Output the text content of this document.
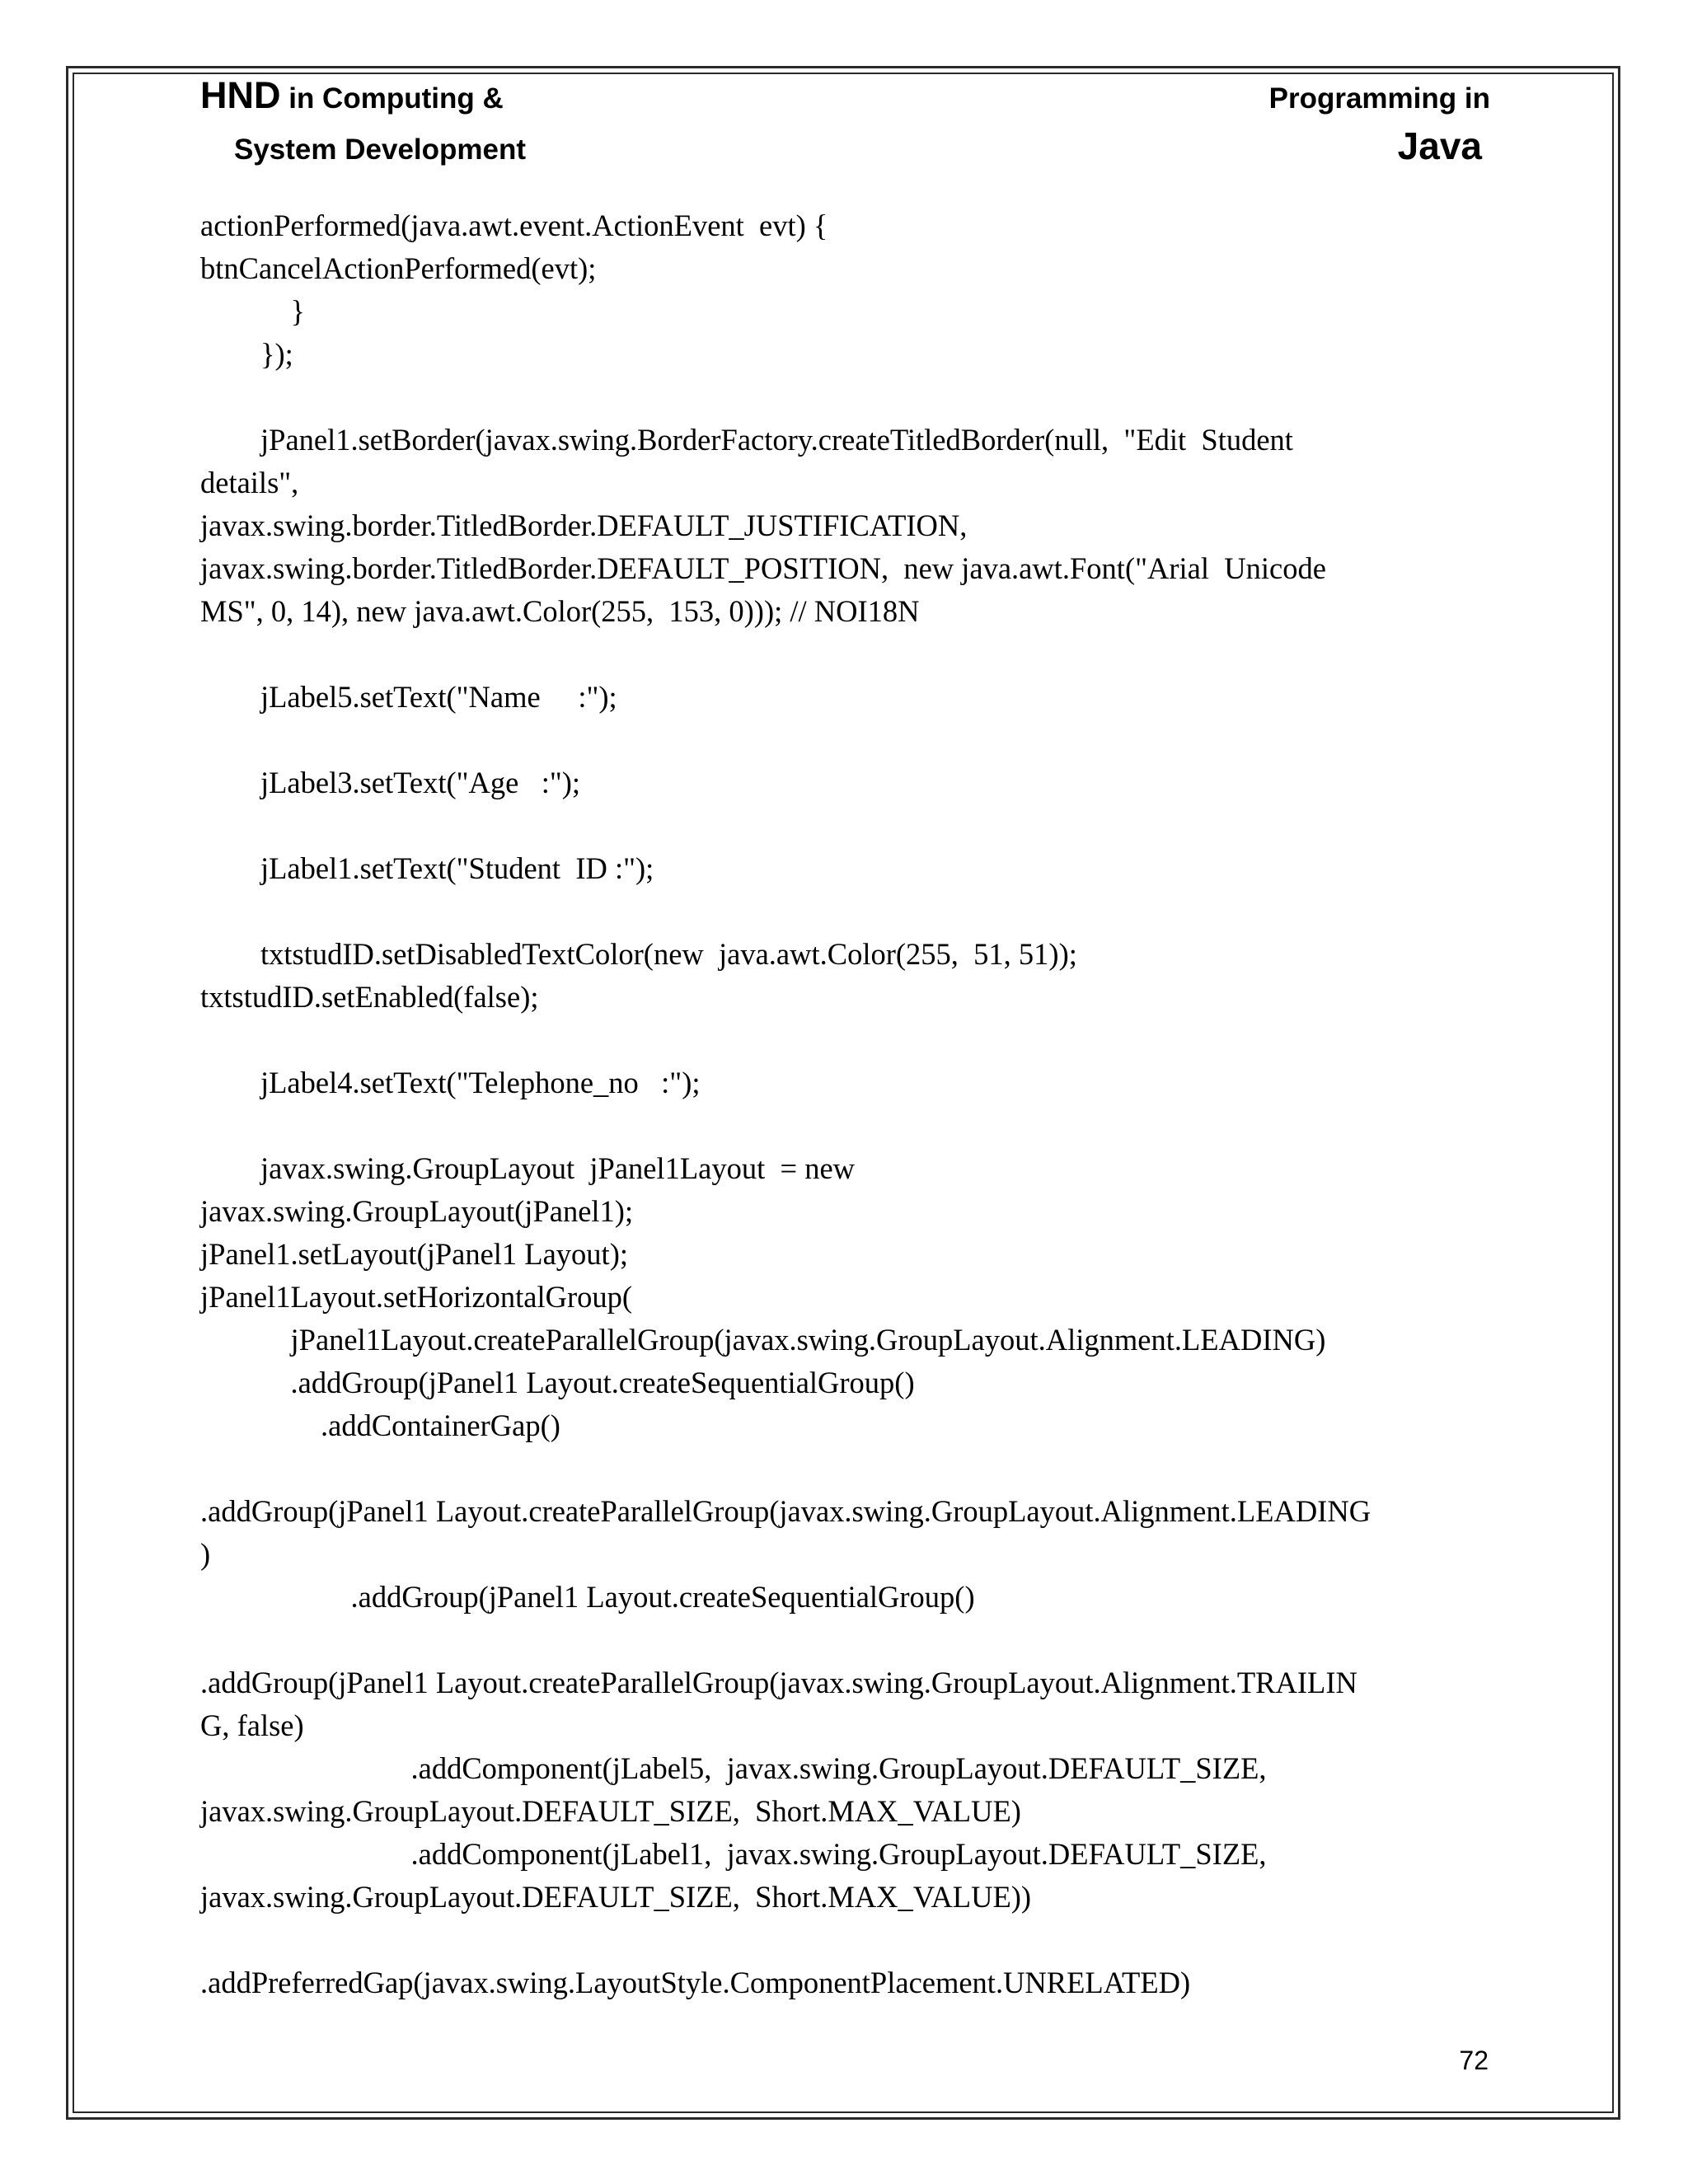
HND in Computing &
System Development
Programming in
Java
actionPerformed(java.awt.event.ActionEvent  evt) {
btnCancelActionPerformed(evt);
}
});
jPanel1.setBorder(javax.swing.BorderFactory.createTitledBorder(null,  "Edit  Student
details",
javax.swing.border.TitledBorder.DEFAULT_JUSTIFICATION,
javax.swing.border.TitledBorder.DEFAULT_POSITION,  new java.awt.Font("Arial  Unicode
MS", 0, 14), new java.awt.Color(255,  153, 0))); // NOI18N
jLabel5.setText("Name     :");
jLabel3.setText("Age   :");
jLabel1.setText("Student  ID :");
txtstudID.setDisabledTextColor(new  java.awt.Color(255,  51, 51));
txtstudID.setEnabled(false);
jLabel4.setText("Telephone_no   :");
javax.swing.GroupLayout  jPanel1Layout  = new
javax.swing.GroupLayout(jPanel1);
jPanel1.setLayout(jPanel1 Layout);
jPanel1Layout.setHorizontalGroup(
jPanel1Layout.createParallelGroup(javax.swing.GroupLayout.Alignment.LEADING)
.addGroup(jPanel1 Layout.createSequentialGroup()
.addContainerGap()
.addGroup(jPanel1 Layout.createParallelGroup(javax.swing.GroupLayout.Alignment.LEADING
)
.addGroup(jPanel1 Layout.createSequentialGroup()
.addGroup(jPanel1 Layout.createParallelGroup(javax.swing.GroupLayout.Alignment.TRAILIN
G, false)
.addComponent(jLabel5,  javax.swing.GroupLayout.DEFAULT_SIZE,
javax.swing.GroupLayout.DEFAULT_SIZE,  Short.MAX_VALUE)
.addComponent(jLabel1,  javax.swing.GroupLayout.DEFAULT_SIZE,
javax.swing.GroupLayout.DEFAULT_SIZE,  Short.MAX_VALUE))
.addPreferredGap(javax.swing.LayoutStyle.ComponentPlacement.UNRELATED)
72
